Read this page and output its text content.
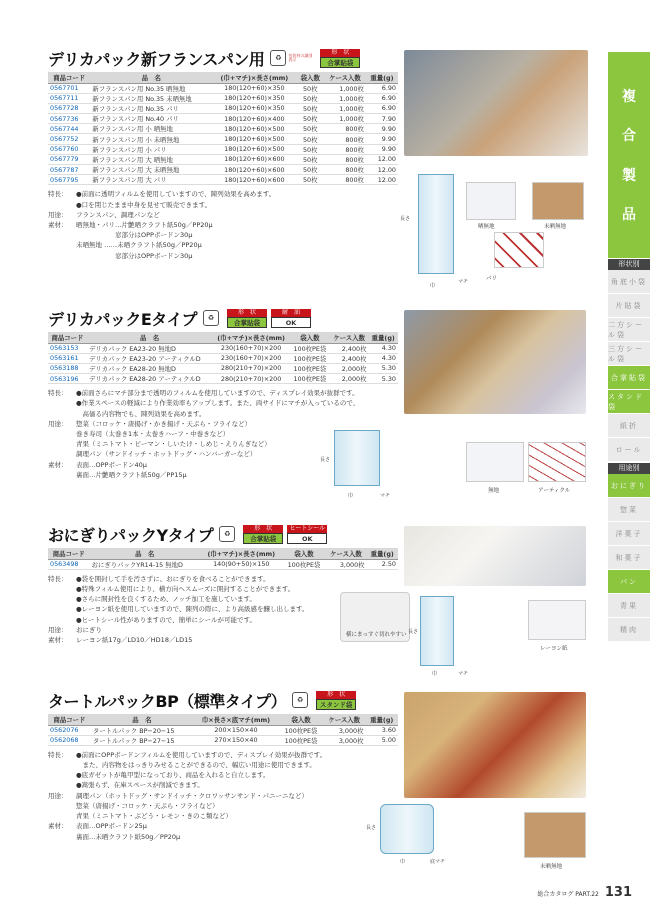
デリカパック新フランスパン用	♻	包装材の識別表示
形　状
合掌貼袋
商品コード	品　名	(巾+マチ)×長さ(mm)	袋入数	ケース入数	重量(g)
0567701	新フランスパン用 No.35 晒無地	180(120+60)×350	50枚	1,000枚	6.90
0567711	新フランスパン用 No.35 未晒無地	180(120+60)×350	50枚	1,000枚	6.90
0567728	新フランスパン用 No.35 パリ	180(120+60)×350	50枚	1,000枚	6.90
0567736	新フランスパン用 No.40 パリ	180(120+60)×400	50枚	1,000枚	7.90
0567744	新フランスパン用 小 晒無地	180(120+60)×500	50枚	800枚	9.90
0567752	新フランスパン用 小 未晒無地	180(120+60)×500	50枚	800枚	9.90
0567760	新フランスパン用 小 パリ	180(120+60)×500	50枚	800枚	9.90
0567779	新フランスパン用 大 晒無地	180(120+60)×600	50枚	800枚	12.00
0567787	新フランスパン用 大 未晒無地	180(120+60)×600	50枚	800枚	12.00
0567795	新フランスパン用 大 パリ	180(120+60)×600	50枚	800枚	12.00
特長：	●前面に透明フィルムを使用していますので、陳列効果を高めます。
●口を閉じたまま中身を見せて販売できます。
用途：	フランスパン、調理パンなど
素材：	晒無地・パリ…片艶晒クラフト紙50g／PP20μ
　　　　　　窓部分はOPPボードン30μ
未晒無地 ……未晒クラフト紙50g／PP20μ
　　　　　　窓部分はOPPボードン30μ
デリカパックEタイプ	♻
形　状
合掌貼袋
耐　油
OK
商品コード	品　名	(巾+マチ)×長さ(mm)	袋入数	ケース入数	重量(g)
0563153	デリカパック EA23-20 無地D	230(160+70)×200	100枚PE袋	2,400枚	4.30
0563161	デリカパック EA23-20 アーティクルD	230(160+70)×200	100枚PE袋	2,400枚	4.30
0563188	デリカパック EA28-20 無地D	280(210+70)×200	100枚PE袋	2,000枚	5.30
0563196	デリカパック EA28-20 アーティクルD	280(210+70)×200	100枚PE袋	2,000枚	5.30
特長：	●前面さらにマチ部分まで透明のフィルムを使用していますので、ディスプレイ効果が抜群です。
●作業スペースの軽減により作業効率もアップします。また、両サイドにマチが入っているので、
　高価る内容物でも、陳列効果を高めます。
用途：	惣菜（コロッケ・唐揚げ・かき揚げ・天ぷら・フライなど）
巻き寿司（太巻き1本・太巻きハーフ・中巻きなど）
青果（ミニトマト・ピーマン・しいたけ・しめじ・えりんぎなど）
調理パン（サンドイッチ・ホットドッグ・ハンバーガーなど）
素材：	表面…OPPボードン40μ
裏面…片艶晒クラフト紙50g／PP15μ
おにぎりパックYタイプ	♻
形　状
合掌貼袋
ヒートシール
OK
商品コード	品　名	(巾+マチ)×長さ(mm)	袋入数	ケース入数	重量(g)
0563498	おにぎりパックYR14-15 無地D	140(90+50)×150	100枚PE袋	3,000枚	2.50
特長：	●袋を開封して手を汚さずに、おにぎりを食べることができます。
●特殊フィルム使用により、横方向へスムーズに開封することができます。
●さらに開封性を良くするため、ノッチ加工を施しています。
●レーヨン紙を使用していますので、陳列の際に、より高級感を醸し出します。
●ヒートシール性がありますので、簡単にシールが可能です。
用途：	おにぎり
素材：	レーヨン紙17g／LD10／HD18／LD15
タートルパックBP（標準タイプ）	♻
形　状
スタンド袋
商品コード	品　名	巾×長さ×底マチ(mm)	袋入数	ケース入数	重量(g)
0562076	タートルパック BP−20−15	200×150×40	100枚PE袋	3,000枚	3.60
0562068	タートルパック BP−27−15	270×150×40	100枚PE袋	3,000枚	5.00
特長：	●前面にOPPボードンフィルムを使用していますので、ディスプレイ効果が抜群です。
　また、内容物をはっきりみせることができるので、幅広い用途に使用できます。
●底ガゼットが亀甲型になっており、商品を入れると自立します。
●嵩張らず、在庫スペースが削減できます。
用途：	調理パン（ホットドッグ・サンドイッチ・クロワッサンサンド・パニーニなど）
惣菜（唐揚げ・コロッケ・天ぷら・フライなど）
青果（ミニトマト・ぶどう・レモン・きのこ類など）
素材：	表面…OPPボードン25μ
裏面…未晒クラフト紙50g／PP20μ
長さ
巾
マチ
晒無地	未晒無地
パリ
長さ
巾	マチ
無地	アーティクル
横にまっすぐ切れやすい 長さ
巾	マチ
レーヨン紙
長さ
巾	底マチ
未晒無地
複
合
製
品
形状別
角底小袋
片貼袋
二方シール袋
三方シール袋
合掌貼袋
スタンド袋
紙折
ロール
用途別
おにぎり
惣菜
洋菓子
和菓子
パン
青果
精肉
総合カタログ PART.22 131
